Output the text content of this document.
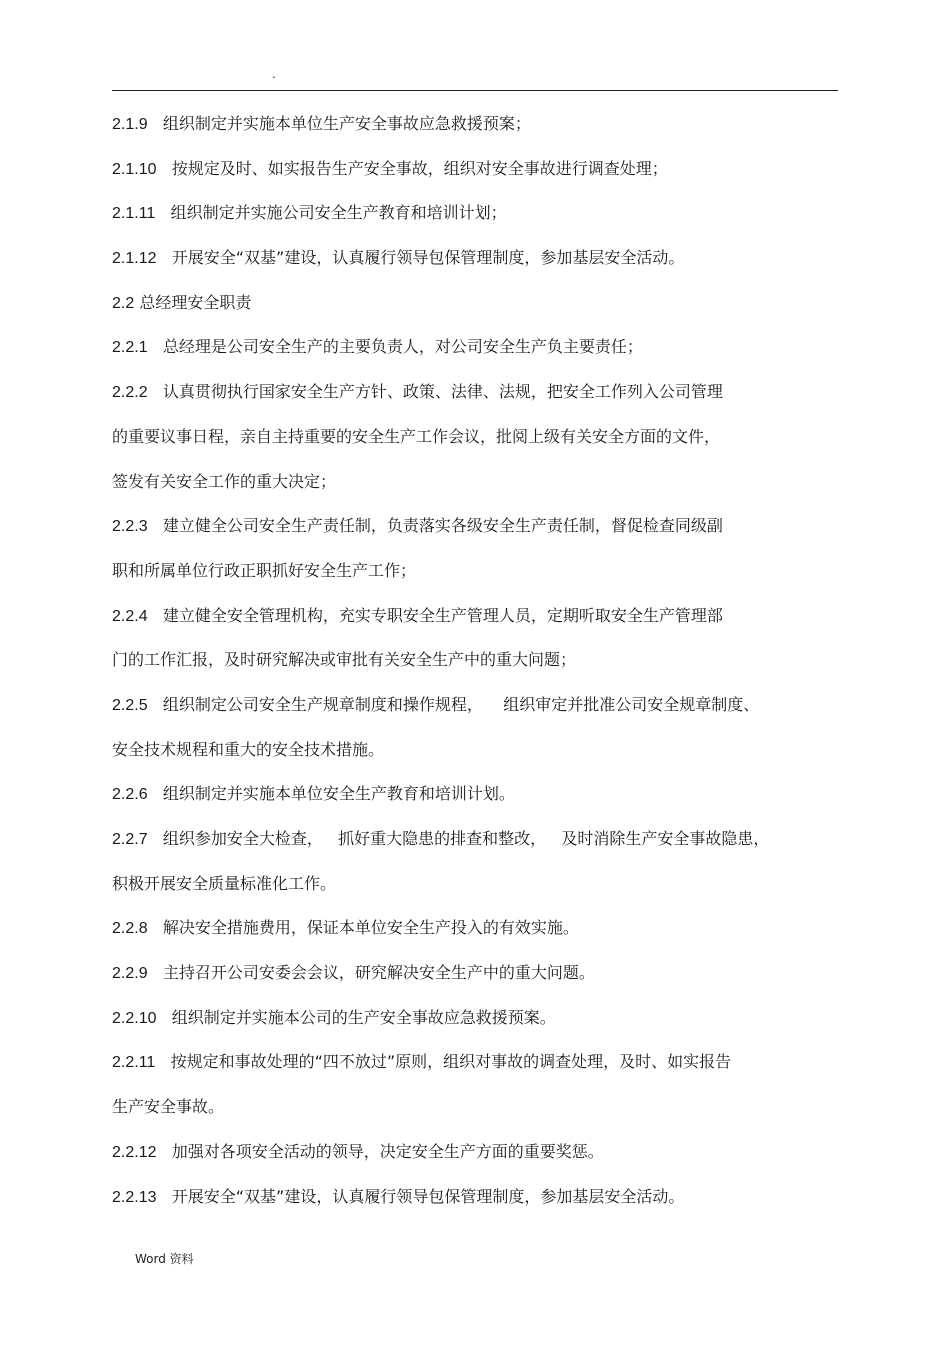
.
2.1.9 组织制定并实施本单位生产安全事故应急救援预案；
2.1.10 按规定及时、如实报告生产安全事故，组织对安全事故进行调查处理；
2.1.11 组织制定并实施公司安全生产教育和培训计划；
2.1.12 开展安全“双基”建设，认真履行领导包保管理制度，参加基层安全活动。
2.2 总经理安全职责
2.2.1 总经理是公司安全生产的主要负责人，对公司安全生产负主要责任；
2.2.2 认真贯彻执行国家安全生产方针、政策、法律、法规，把安全工作列入公司管理
的重要议事日程，亲自主持重要的安全生产工作会议，批阅上级有关安全方面的文件，
签发有关安全工作的重大决定；
2.2.3 建立健全公司安全生产责任制，负责落实各级安全生产责任制，督促检查同级副
职和所属单位行政正职抓好安全生产工作；
2.2.4 建立健全安全管理机构，充实专职安全生产管理人员，定期听取安全生产管理部
门的工作汇报，及时研究解决或审批有关安全生产中的重大问题；
2.2.5 组织制定公司安全生产规章制度和操作规程，    组织审定并批准公司安全规章制度、
安全技术规程和重大的安全技术措施。
2.2.6 组织制定并实施本单位安全生产教育和培训计划。
2.2.7 组织参加安全大检查，   抓好重大隐患的排查和整改，   及时消除生产安全事故隐患，
积极开展安全质量标准化工作。
2.2.8 解决安全措施费用，保证本单位安全生产投入的有效实施。
2.2.9 主持召开公司安委会会议，研究解决安全生产中的重大问题。
2.2.10 组织制定并实施本公司的生产安全事故应急救援预案。
2.2.11 按规定和事故处理的“四不放过”原则，组织对事故的调查处理，及时、如实报告
生产安全事故。
2.2.12 加强对各项安全活动的领导，决定安全生产方面的重要奖惩。
2.2.13 开展安全“双基”建设，认真履行领导包保管理制度，参加基层安全活动。
Word 资料
